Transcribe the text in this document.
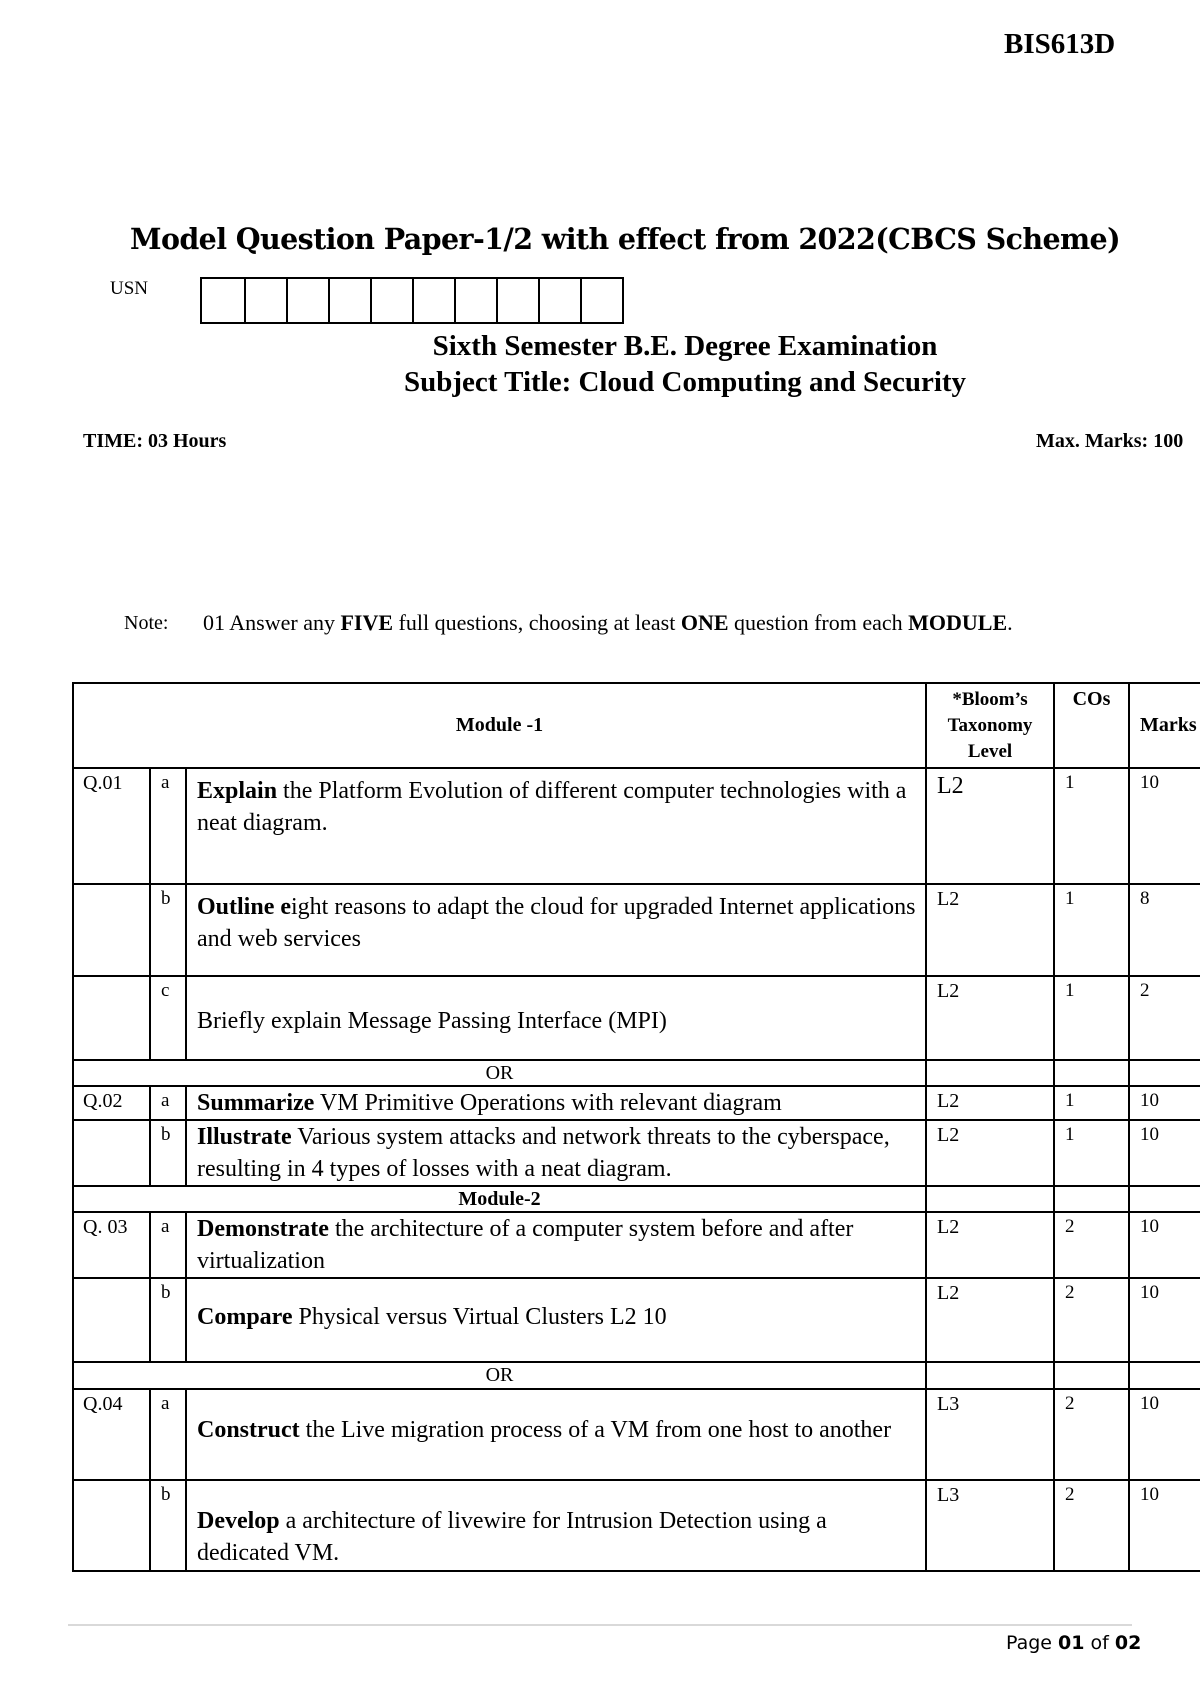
BIS613D
Model Question Paper-1/2 with effect from 2022(CBCS Scheme)
USN
Sixth Semester B.E. Degree Examination
Subject Title: Cloud Computing and Security
TIME: 03 Hours	Max. Marks: 100
Note: 01 Answer any FIVE full questions, choosing at least ONE question from each MODULE.
Module -1			*Bloom’s Taxonomy Level	COs	Marks
Q.01	a	Explain the Platform Evolution of different computer technologies with a neat diagram.	L2	1	10
	b	Outline eight reasons to adapt the cloud for upgraded Internet applications and web services	L2	1	8
	c	Briefly explain Message Passing Interface (MPI)	L2	1	2
OR					
Q.02	a	Summarize VM Primitive Operations with relevant diagram	L2	1	10
	b	Illustrate Various system attacks and network threats to the cyberspace, resulting in 4 types of losses with a neat diagram.	L2	1	10
Module-2					
Q. 03	a	Demonstrate the architecture of a computer system before and after virtualization	L2	2	10
	b	Compare Physical versus Virtual Clusters L2 10	L2	2	10
OR					
Q.04	a	Construct the Live migration process of a VM from one host to another	L3	2	10
	b	Develop a architecture of livewire for Intrusion Detection using a dedicated VM.	L3	2	10
Page 01 of 02
